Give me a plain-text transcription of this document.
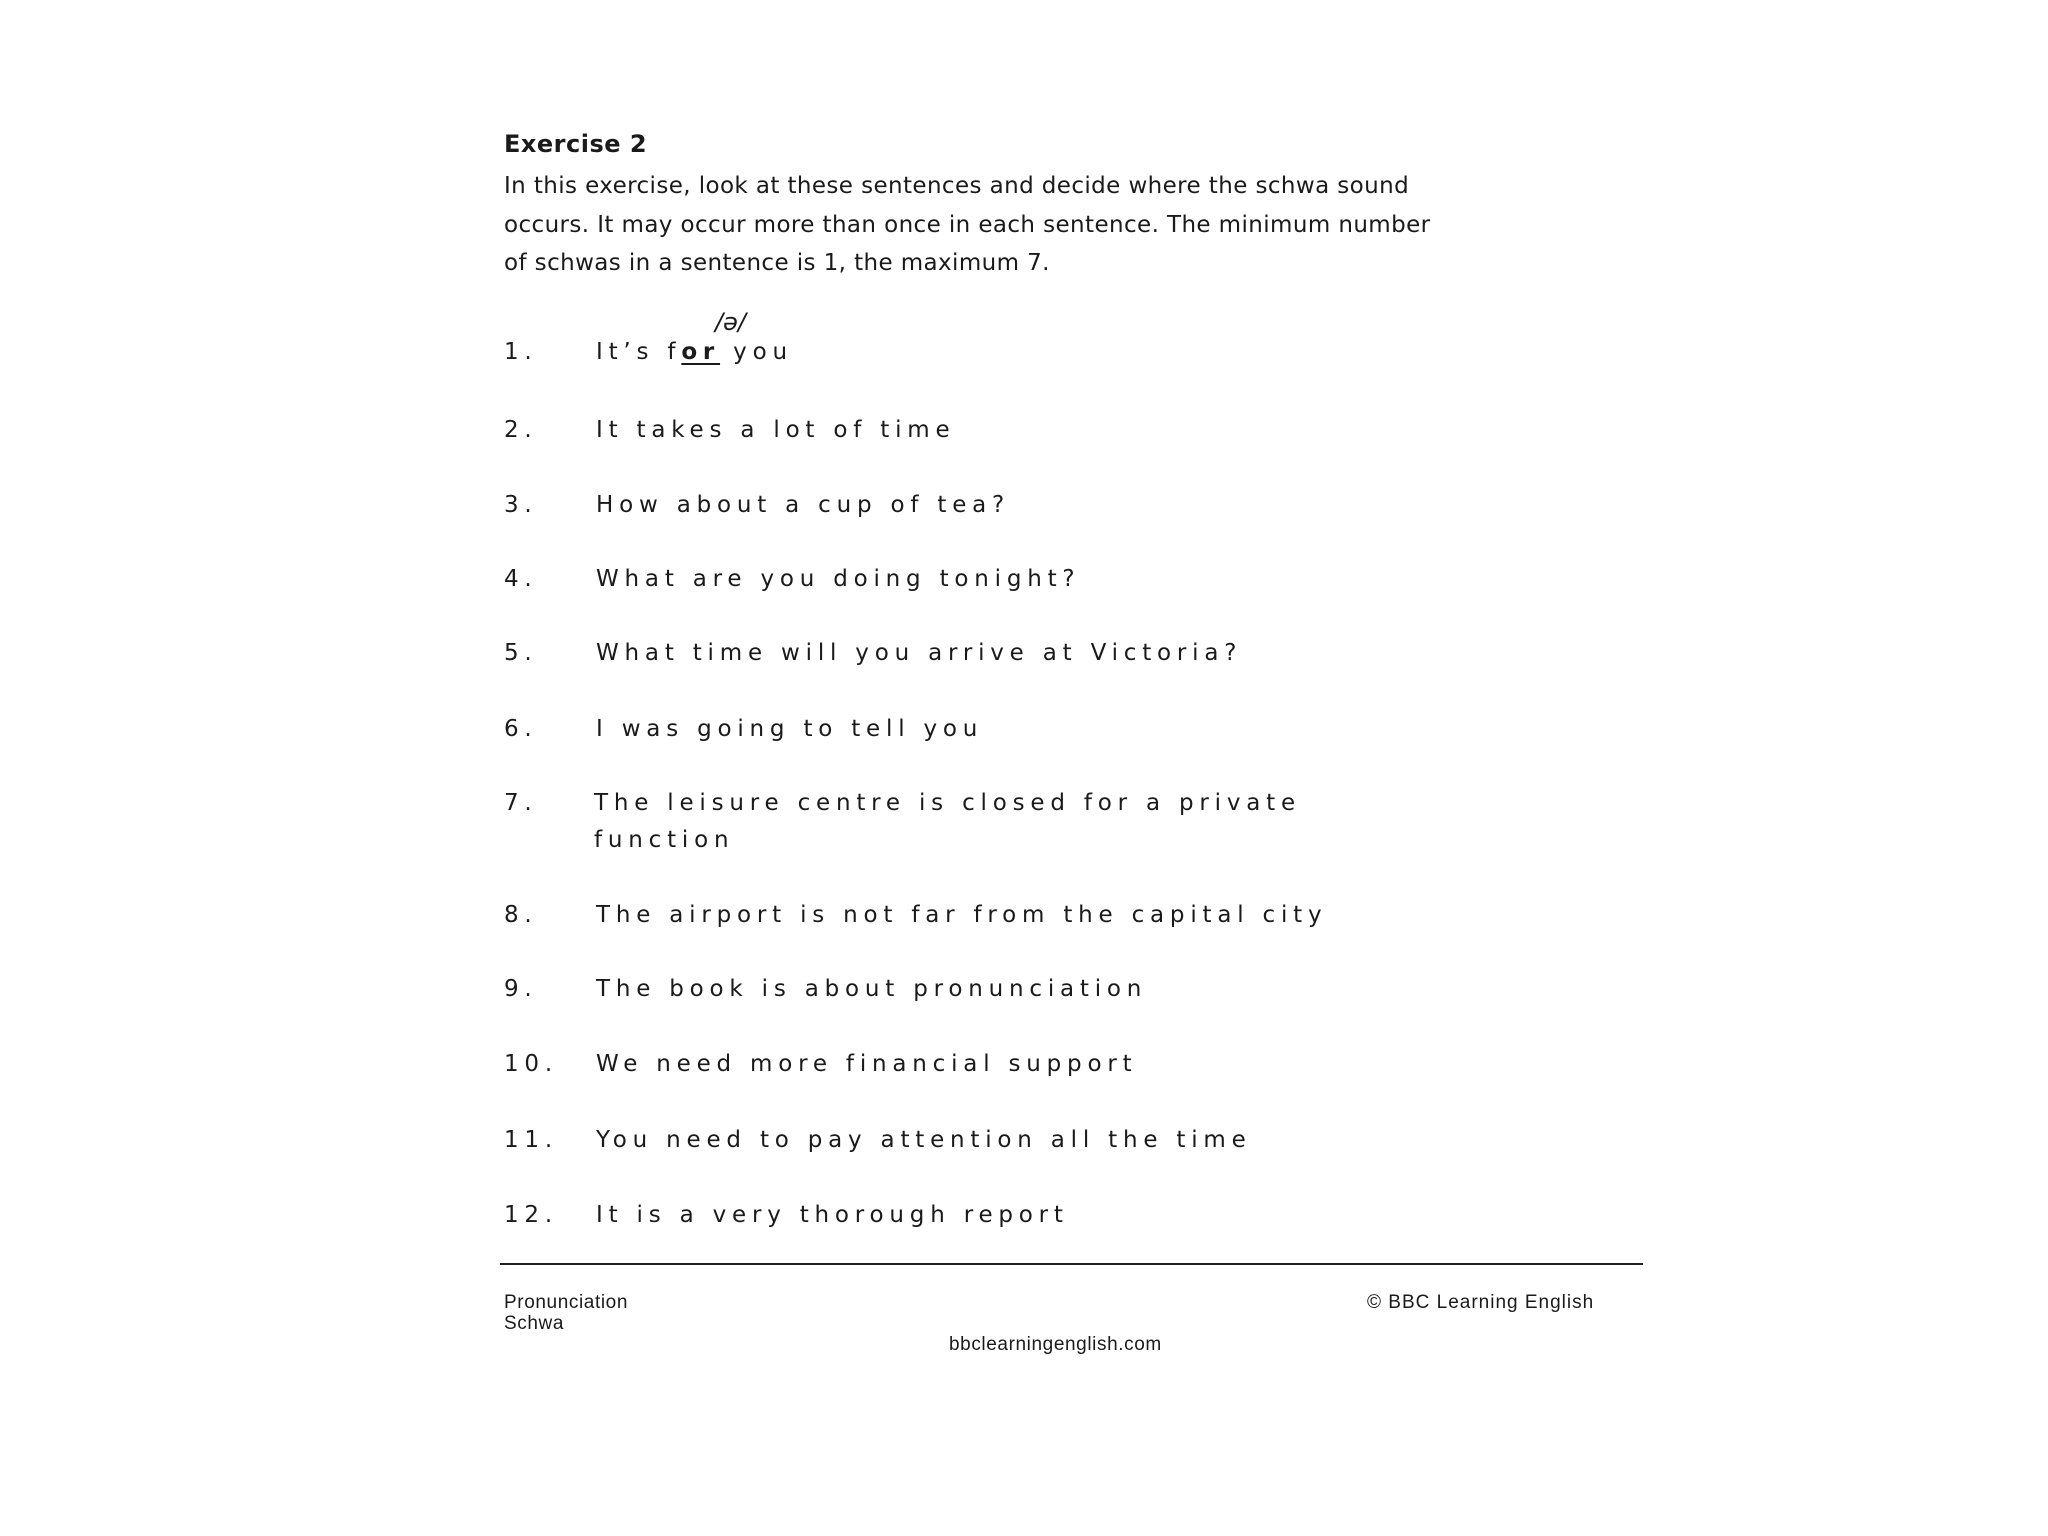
Exercise 2
In this exercise, look at these sentences and decide where the schwa sound
occurs. It may occur more than once in each sentence. The minimum number
of schwas in a sentence is 1, the maximum 7.
/ə/
1.	It’s for you
2.	It takes a lot of time
3.	How about a cup of tea?
4.	What are you doing tonight?
5.	What time will you arrive at Victoria?
6.	I was going to tell you
7. The leisure centre is closed for a private
function
8.	The airport is not far from the capital city
9.	The book is about pronunciation
10. We need more financial support
11. You need to pay attention all the time
12. It is a very thorough report
Pronunciation
Schwa
© BBC Learning English
bbclearningenglish.com
